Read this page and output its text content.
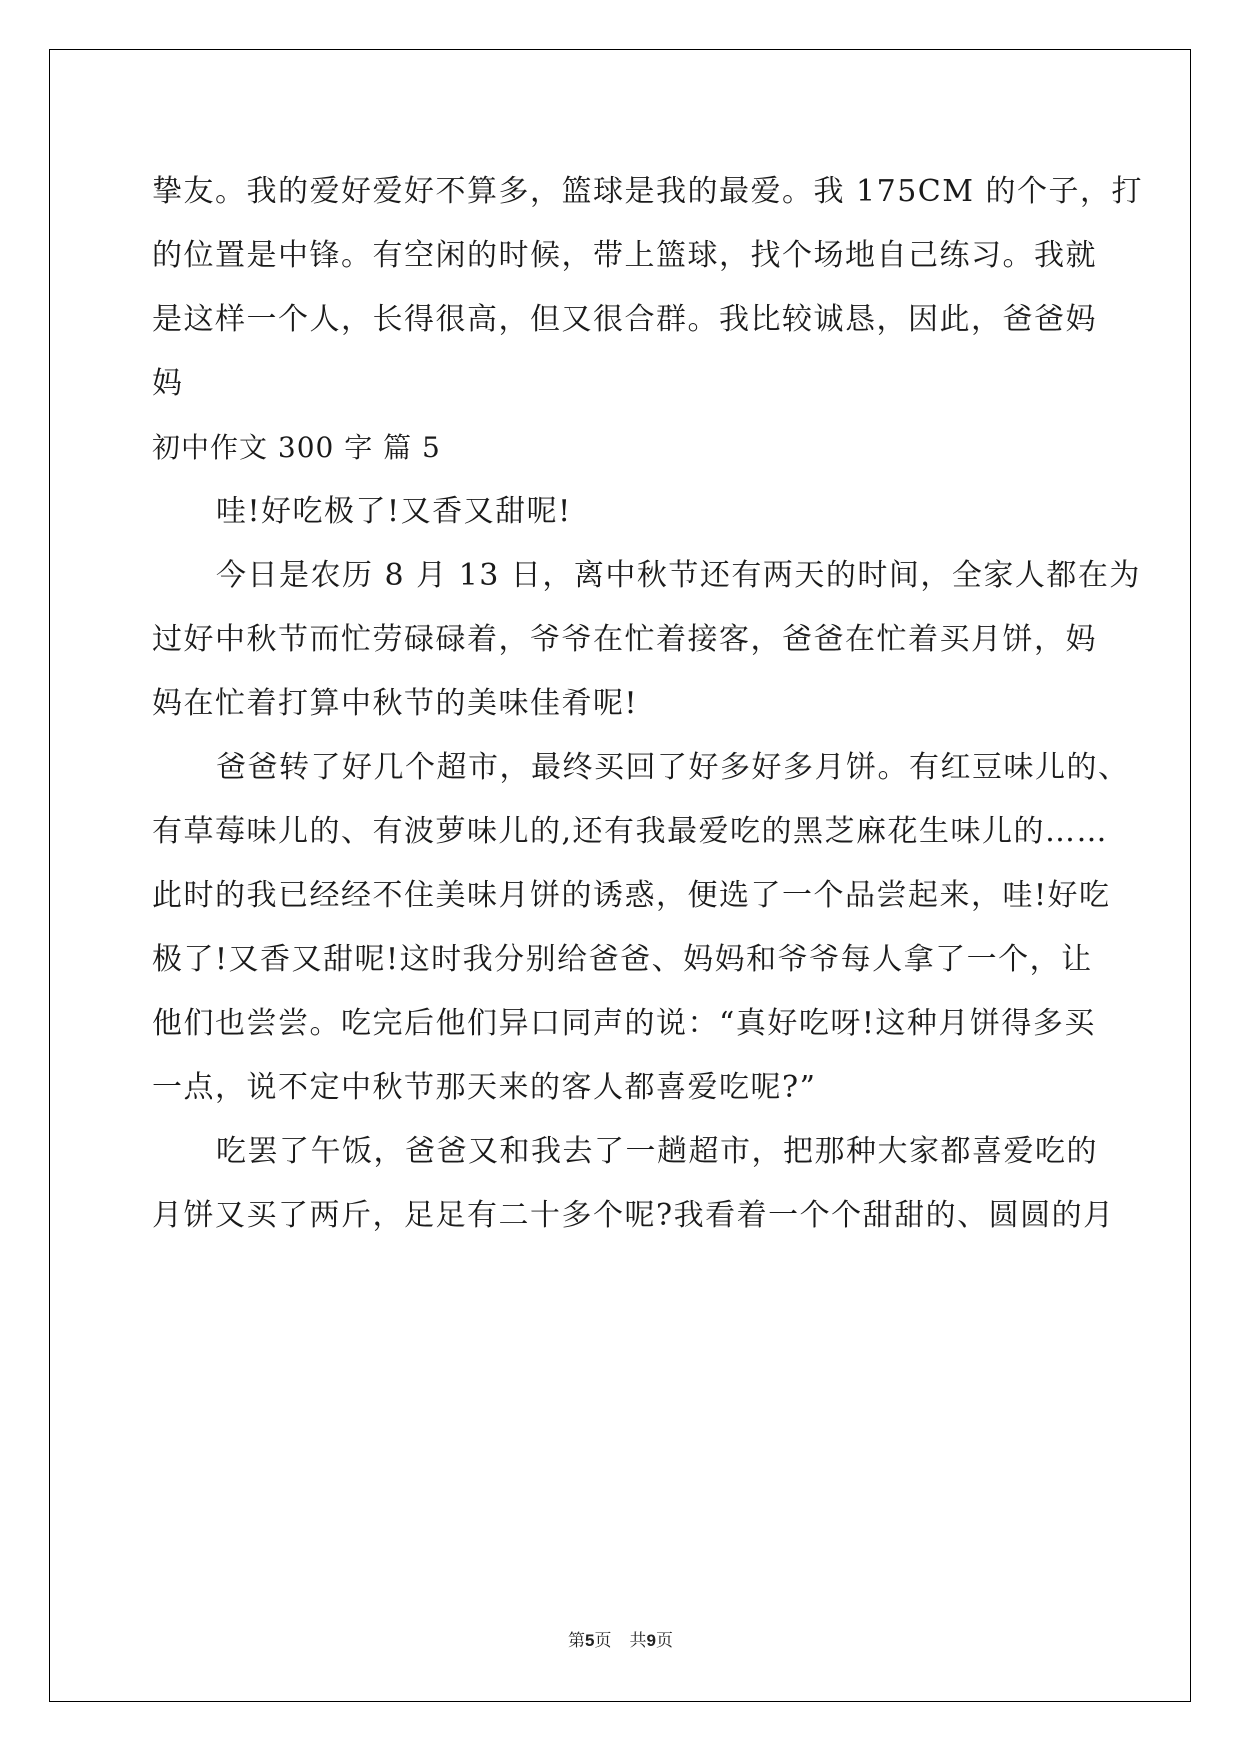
挚友。我的爱好爱好不算多，篮球是我的最爱。我 175CM 的个子，打
的位置是中锋。有空闲的时候，带上篮球，找个场地自己练习。我就
是这样一个人，长得很高，但又很合群。我比较诚恳，因此，爸爸妈
妈
初中作文 300 字 篇 5
哇!好吃极了!又香又甜呢!
今日是农历 8 月 13 日，离中秋节还有两天的时间，全家人都在为
过好中秋节而忙劳碌碌着，爷爷在忙着接客，爸爸在忙着买月饼，妈
妈在忙着打算中秋节的美味佳肴呢!
爸爸转了好几个超市，最终买回了好多好多月饼。有红豆味儿的、
有草莓味儿的、有波萝味儿的,还有我最爱吃的黑芝麻花生味儿的……
此时的我已经经不住美味月饼的诱惑，便选了一个品尝起来，哇!好吃
极了!又香又甜呢!这时我分别给爸爸、妈妈和爷爷每人拿了一个，让
他们也尝尝。吃完后他们异口同声的说：“真好吃呀!这种月饼得多买
一点，说不定中秋节那天来的客人都喜爱吃呢?”
吃罢了午饭，爸爸又和我去了一趟超市，把那种大家都喜爱吃的
月饼又买了两斤，足足有二十多个呢?我看着一个个甜甜的、圆圆的月
第5页 共9页
